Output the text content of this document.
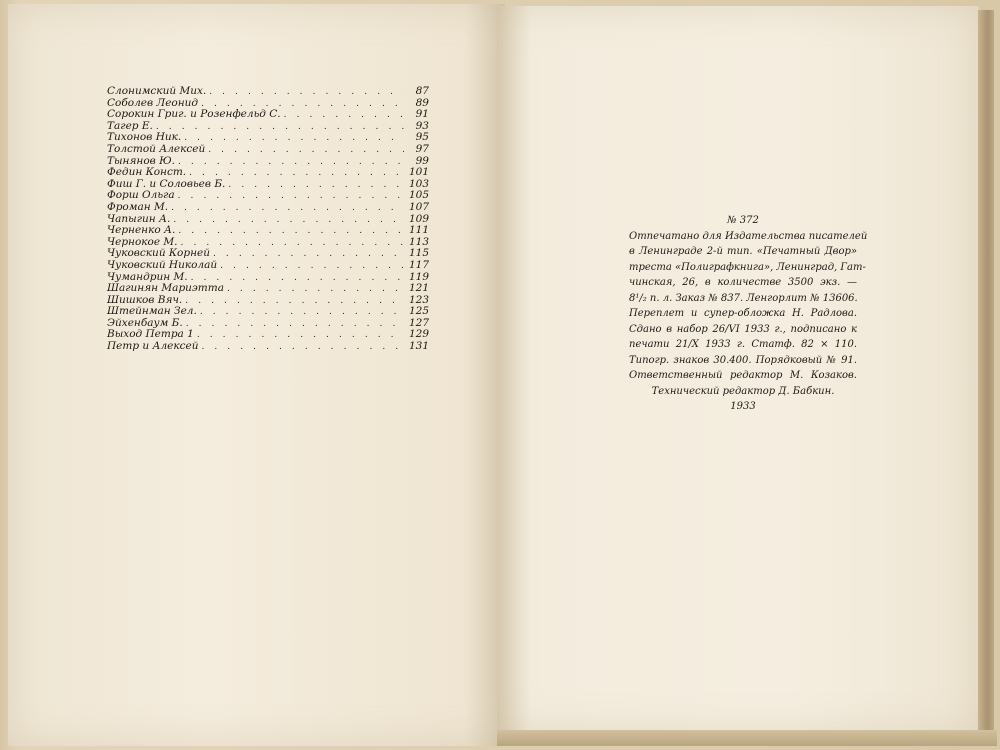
Слонимский Мих. . . .	87
Соболев Леонид . . .	89
Сорокин Григ. и Розенфельд С. . . .	91
Тагер Е. . . .	93
Тихонов Ник. . . .	95
Толстой Алексей . . .	97
Тынянов Ю. . . .	99
Федин Конст. . . .	101
Фиш Г. и Соловьев Б. . . .	103
Форш Ольга . . .	105
Фроман М. . . .	107
Чапыгин А. . . .	109
Черненко А. . . .	111
Чернокое М. . . .	113
Чуковский Корней . . .	115
Чуковский Николай . . .	117
Чумандрин М. . . .	119
Шагинян Мариэтта . . .	121
Шишков Вяч. . . .	123
Штейнман Зел. . . .	125
Эйхенбаум Б. . . .	127
Выход Петра 1 . . .	129
Петр и Алексей . . .	131
№ 372
Отпечатано для Издательства писателей
в Ленинграде 2-й тип. «Печатный Двор»
треста «Полиграфкнига», Ленинград, Гат-
чинская, 26, в количестве 3500 экз. —
8¹/₂ п. л. Заказ № 837. Ленгорлит № 13606.
Переплет и супер-обложка Н. Радлова.
Сдано в набор 26/VI 1933 г., подписано к
печати 21/X 1933 г. Статф. 82 × 110.
Типогр. знаков 30.400. Порядковый № 91.
Ответственный редактор М. Козаков.
Технический редактор Д. Бабкин.
1933
